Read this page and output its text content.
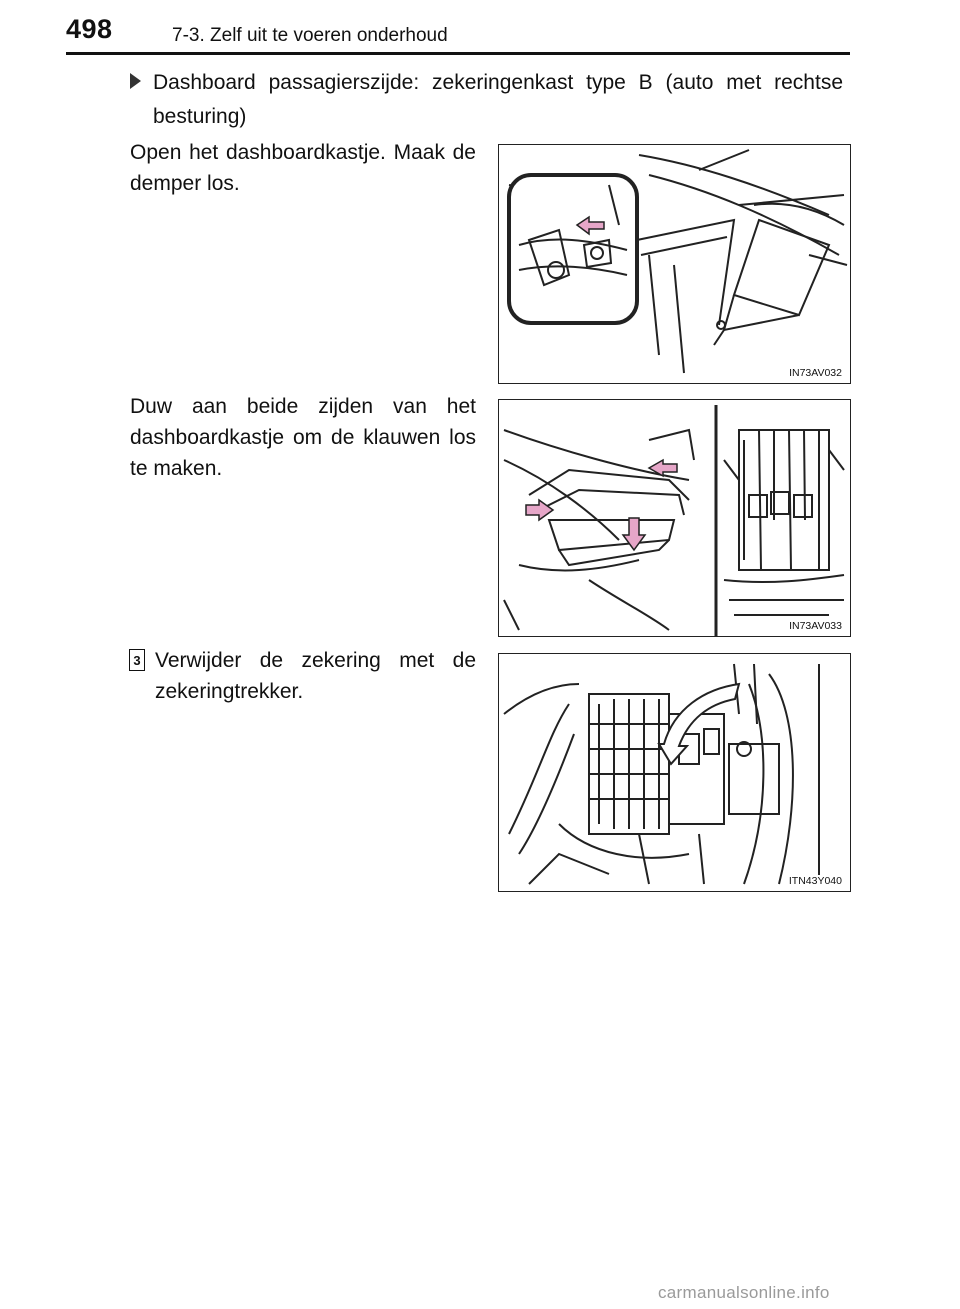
498	7-3. Zelf uit te voeren onderhoud
Dashboard passagierszijde: zekeringenkast type B (auto met rechtse besturing)
Open het dashboardkastje. Maak de demper los.
IN73AV032
Duw aan beide zijden van het dashboardkastje om de klauwen los te maken.
IN73AV033
3 Verwijder de zekering met de zekeringtrekker.
ITN43Y040
carmanualsonline.info
